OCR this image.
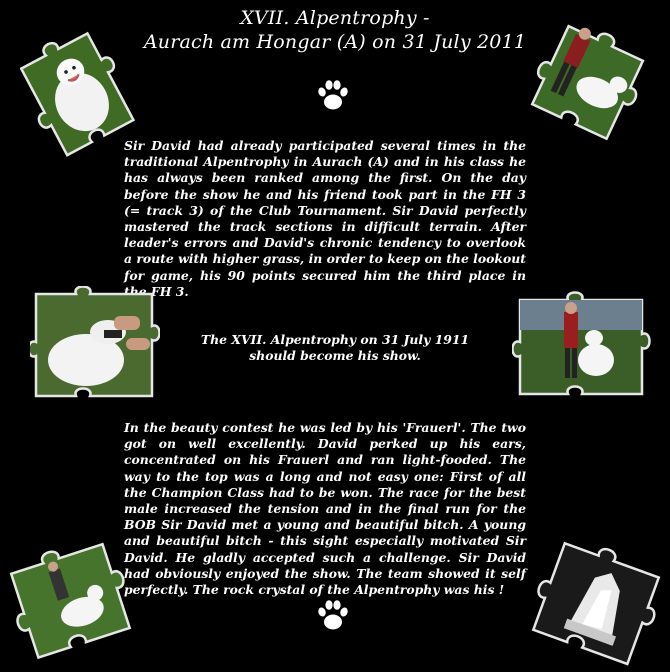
XVII. Alpentrophy -
Aurach am Hongar (A) on 31 July 2011
Sir David had already participated several times in the traditional Alpentrophy in Aurach (A) and in his class he has always been ranked among the first. On the day before the show he and his friend took part in the FH 3 (= track 3) of the Club Tournament. Sir David perfectly mastered the track sections in difficult terrain. After leader's errors and David's chronic tendency to overlook a route with higher grass, in order to keep on the lookout for game, his 90 points secured him the third place in the FH 3.
The XVII. Alpentrophy on 31 July 1911
should become his show.
In the beauty contest he was led by his 'Frauerl'. The two got on well excellently. David perked up his ears, concentrated on his Frauerl and ran light-fooded. The way to the top was a long and not easy one: First of all the Champion Class had to be won. The race for the best male increased the tension and in the final run for the BOB Sir David met a young and beautiful bitch. A young and beautiful bitch - this sight especially motivated Sir David. He gladly accepted such a challenge. Sir David had obviously enjoyed the show. The team showed it self perfectly. The rock crystal of the Alpentrophy was his !
